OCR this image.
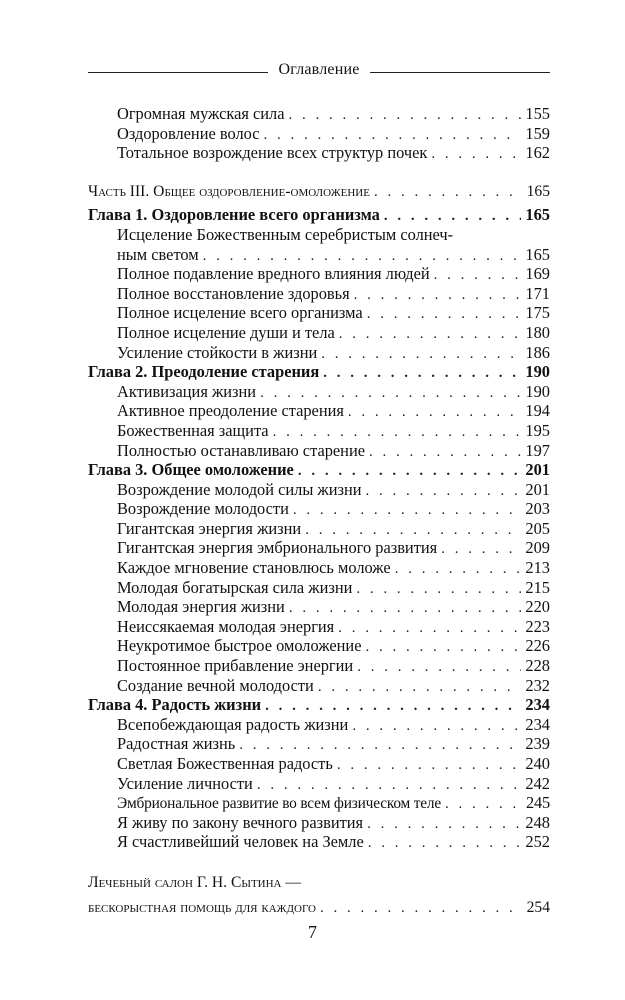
Оглавление
Огромная мужская сила . . .	155
Оздоровление волос . . .	159
Тотальное возрождение всех структур почек . . .	162
Часть III. Общее оздоровление-омоложение . . .	165
Глава 1. Оздоровление всего организма . . .	165
Исцеление Божественным серебристым солнеч-
ным светом . . .	165
Полное подавление вредного влияния людей . . .	169
Полное восстановление здоровья . . .	171
Полное исцеление всего организма . . .	175
Полное исцеление души и тела . . .	180
Усиление стойкости в жизни . . .	186
Глава 2. Преодоление старения . . .	190
Активизация жизни . . .	190
Активное преодоление старения . . .	194
Божественная защита . . .	195
Полностью останавливаю старение . . .	197
Глава 3. Общее омоложение . . .	201
Возрождение молодой силы жизни . . .	201
Возрождение молодости . . .	203
Гигантская энергия жизни . . .	205
Гигантская энергия эмбрионального развития . . .	209
Каждое мгновение становлюсь моложе . . .	213
Молодая богатырская сила жизни . . .	215
Молодая энергия жизни . . .	220
Неиссякаемая молодая энергия . . .	223
Неукротимое быстрое омоложение . . .	226
Постоянное прибавление энергии . . .	228
Создание вечной молодости . . .	232
Глава 4. Радость жизни . . .	234
Всепобеждающая радость жизни . . .	234
Радостная жизнь . . .	239
Светлая Божественная радость . . .	240
Усиление личности . . .	242
Эмбриональное развитие во всем физическом теле . . .	245
Я живу по закону вечного развития . . .	248
Я счастливейший человек на Земле . . .	252
Лечебный салон Г. Н. Сытина —
бескорыстная помощь для каждого . . .	254
7
